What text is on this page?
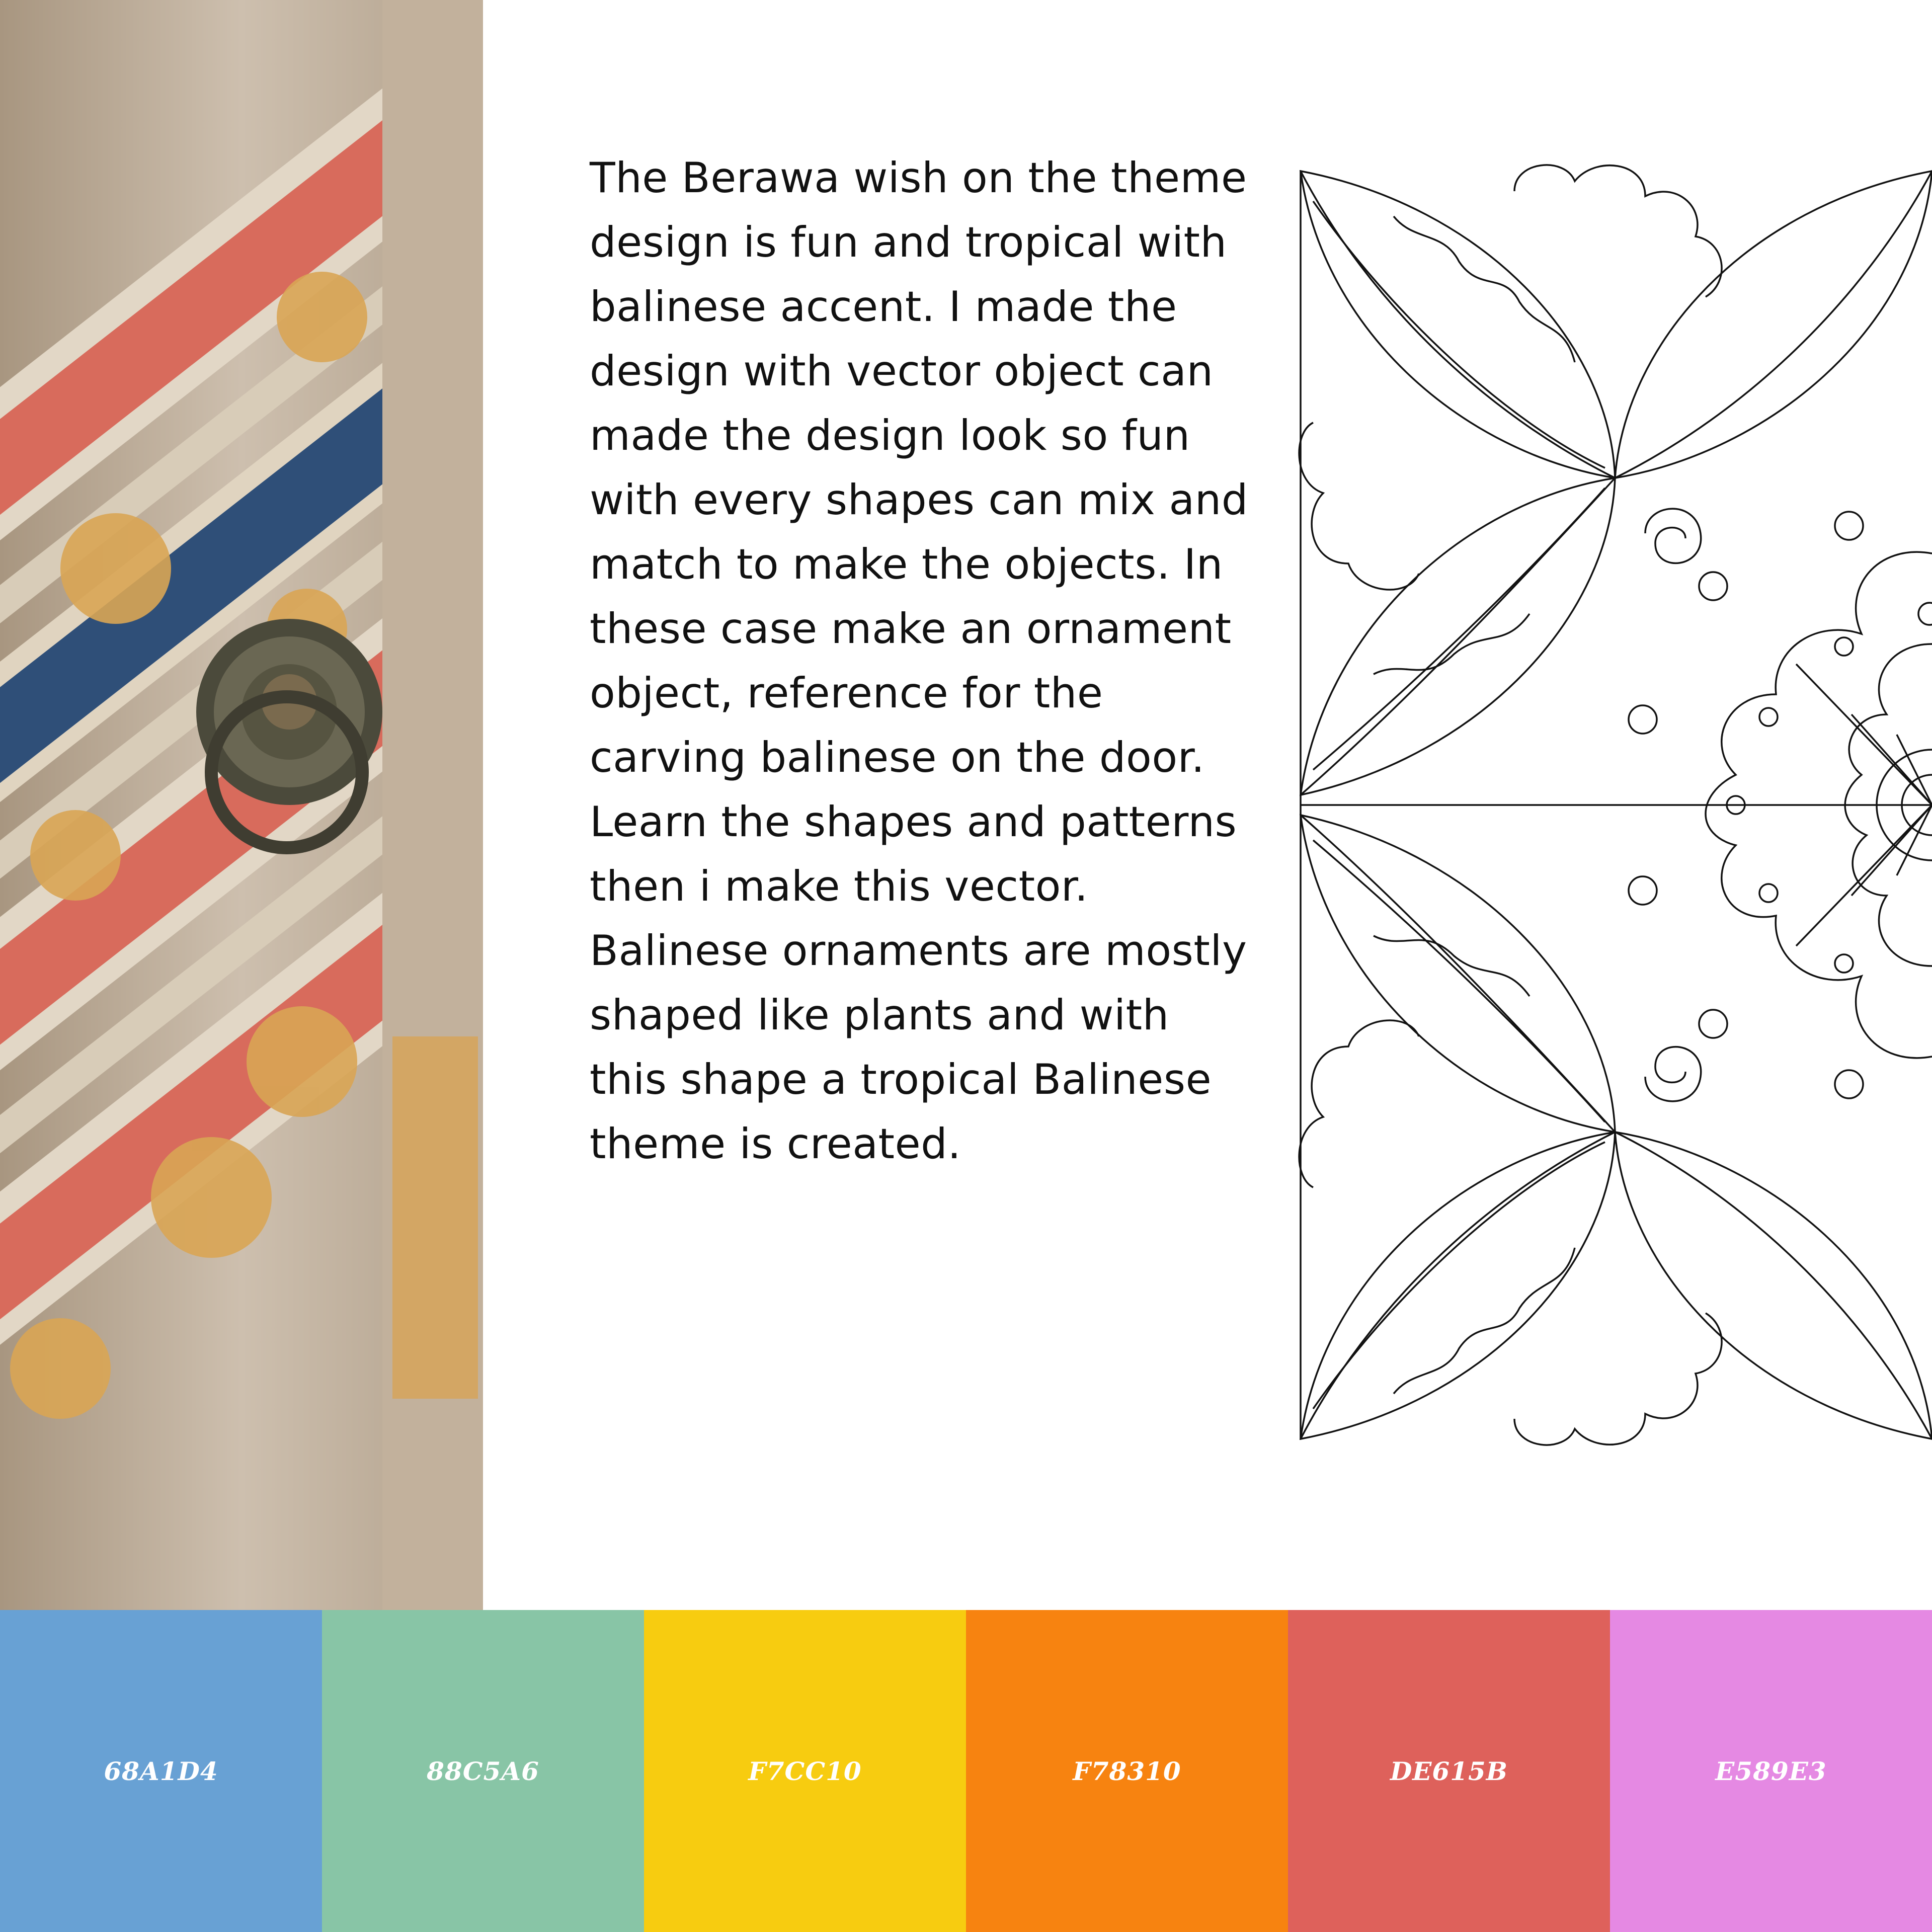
The Berawa wish on the theme design is fun and tropical with balinese accent. I made the design with vector object can made the design look so fun with every shapes can mix and match to make the objects. In these case make an ornament object, reference for the carving balinese on the door. Learn the shapes and patterns then i make this vector. Balinese ornaments are mostly shaped like plants and with this shape a tropical Balinese theme is created.

68A1D4	88C5A6	F7CC10	F78310	DE615B	E589E3
